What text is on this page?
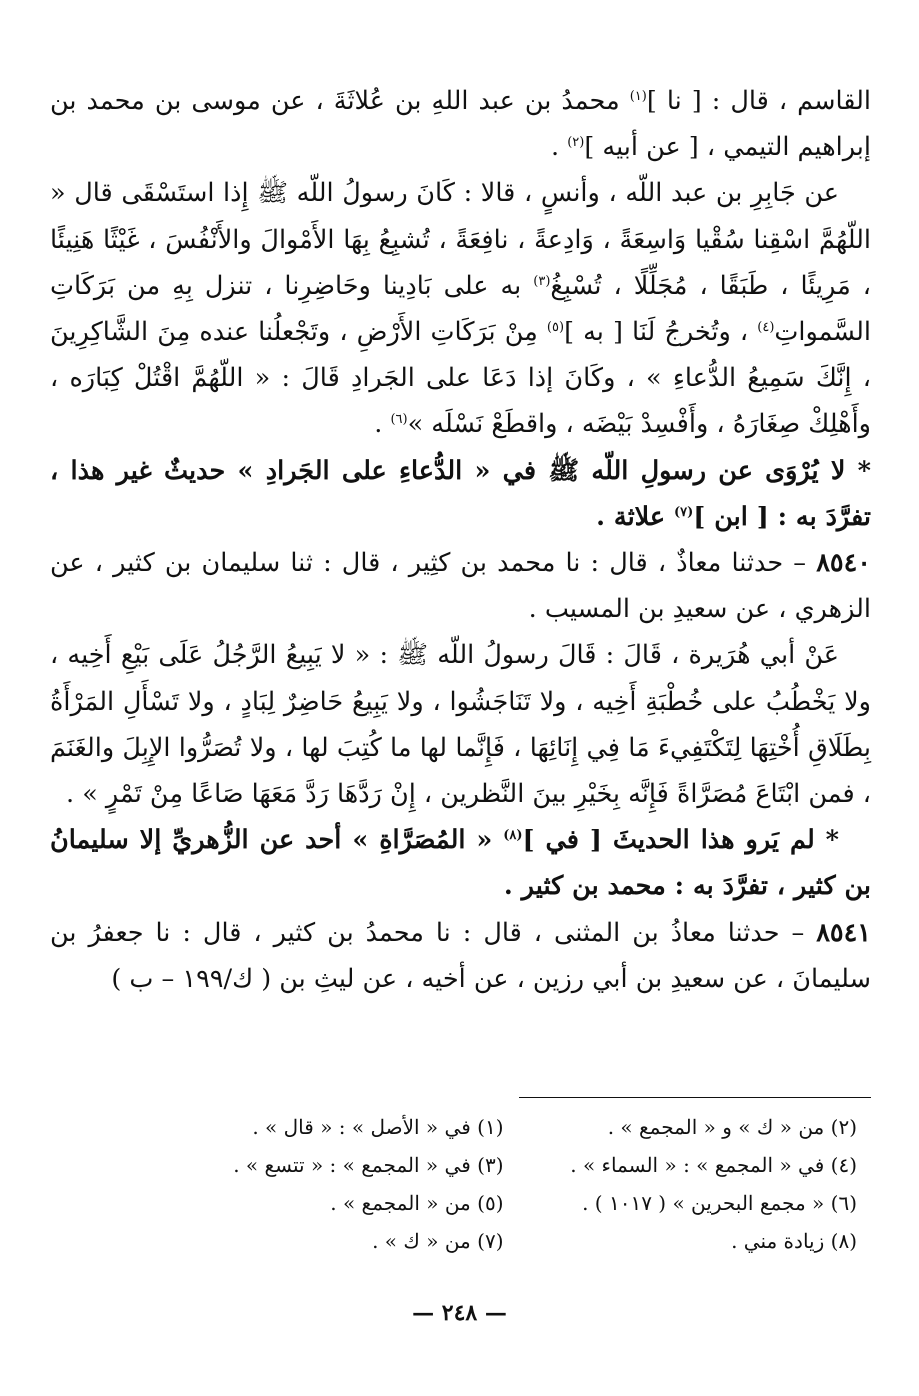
القاسم ، قال : [ نا ]$^{(١)}$ محمدُ بن عبد اللهِ بن عُلاثَةَ ، عن موسى بن محمد بن إبراهيم التيمي ، [ عن أبيه ]$^{(٢)}$ .

عن جَابِرِ بن عبد اللّه ، وأنسٍ ، قالا : كَانَ رسولُ اللّه ﷺ إِذا استَسْقَى قال « اللّهُمَّ اسْقِنا سُقْيا وَاسِعَةً ، وَادِعةً ، نافِعَةً ، تُشبِعُ بِهَا الأَمْوالَ والأَنْفُسَ ، غَيْثًا هَنِيئًا ، مَرِيئًا ، طَبَقًا ، مُجَلِّلًا ، تُسْبِغُ$^{(٣)}$ به على بَادِينا وحَاضِرِنا ، تنزل بِهِ من بَرَكَاتِ السَّمواتِ$^{(٤)}$ ، وتُخرجُ لَنَا [ به ]$^{(٥)}$ مِنْ بَرَكَاتِ الأَرْضِ ، وتَجْعلُنا عنده مِنَ الشَّاكِرِينَ ، إِنَّكَ سَمِيعُ الدُّعاءِ » ، وكَانَ إذا دَعَا على الجَرادِ قَالَ : « اللّهُمَّ اقْتُلْ كِبَارَه ، وأَهْلِكْ صِغَارَهُ ، وأَفْسِدْ بَيْضَه ، واقطَعْ نَسْلَه »$^{(٦)}$ .

* لا يُرْوَى عن رسولِ اللّه ﷺ في « الدُّعاءِ على الجَرادِ » حديثٌ غير هذا ، تفرَّدَ به : [ ابن ]$^{(٧)}$ علاثة .

٨٥٤٠ – حدثنا معاذٌ ، قال : نا محمد بن كثِير ، قال : ثنا سليمان بن كثير ، عن الزهري ، عن سعيدِ بن المسيب .

عَنْ أبي هُرَيرة ، قَالَ : قَالَ رسولُ اللّه ﷺ : « لا يَبِيعُ الرَّجُلُ عَلَى بَيْعِ أَخِيه ، ولا يَخْطُبُ على خُطْبَةِ أَخِيه ، ولا تَنَاجَشُوا ، ولا يَبِيعُ حَاضِرٌ لِبَادٍ ، ولا تَسْأَلِ المَرْأَةُ بِطَلَاقِ أُخْتِهَا لِتَكْتَفِيءَ مَا فِي إِنَائِهَا ، فَإِنَّما لها ما كُتِبَ لها ، ولا تُصَرُّوا الإِبِلَ والغَنَمَ ، فمن ابْتَاعَ مُصَرَّاةً فَإِنَّه بِخَيْرِ بينَ النَّظرين ، إِنْ رَدَّهَا رَدَّ مَعَهَا صَاعًا مِنْ تَمْرٍ » .

* لم يَرو هذا الحديثَ [ في ]$^{(٨)}$ « المُصَرَّاةِ » أحد عن الزُّهريِّ إلا سليمانُ بن كثير ، تفرَّدَ به : محمد بن كثير .

٨٥٤١ – حدثنا معاذُ بن المثنى ، قال : نا محمدُ بن كثير ، قال : نا جعفرُ بن سليمانَ ، عن سعيدِ بن أبي رزين ، عن أخيه ، عن ليثِ بن ( ك/١٩٩ – ب )

(٢) من « ك » و « المجمع » .
(١) في « الأصل » : « قال » .
(٤) في « المجمع » : « السماء » .
(٣) في « المجمع » : « تتسع » .
(٦) « مجمع البحرين » ( ١٠١٧ ) .
(٥) من « المجمع » .
(٨) زيادة مني .
(٧) من « ك » .
— ٢٤٨ —
